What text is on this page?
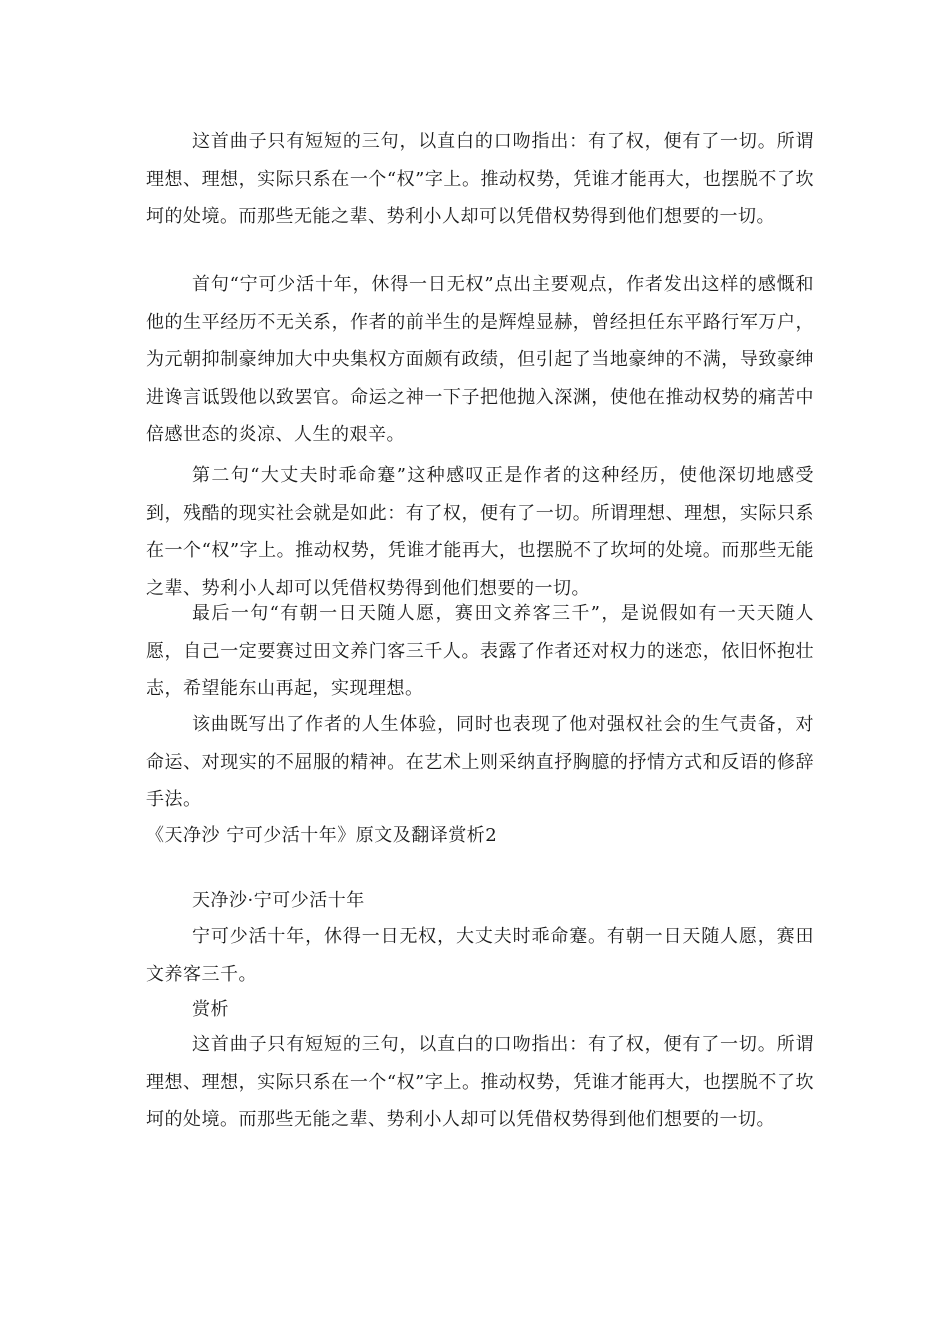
这首曲子只有短短的三句，以直白的口吻指出：有了权，便有了一切。所谓理想、理想，实际只系在一个“权”字上。推动权势，凭谁才能再大，也摆脱不了坎坷的处境。而那些无能之辈、势利小人却可以凭借权势得到他们想要的一切。

首句“宁可少活十年，休得一日无权”点出主要观点，作者发出这样的感慨和他的生平经历不无关系，作者的前半生的是辉煌显赫，曾经担任东平路行军万户，为元朝抑制豪绅加大中央集权方面颇有政绩，但引起了当地豪绅的不满，导致豪绅进谗言诋毁他以致罢官。命运之神一下子把他抛入深渊，使他在推动权势的痛苦中倍感世态的炎凉、人生的艰辛。

第二句“大丈夫时乖命蹇”这种感叹正是作者的这种经历，使他深切地感受到，残酷的现实社会就是如此：有了权，便有了一切。所谓理想、理想，实际只系在一个“权”字上。推动权势，凭谁才能再大，也摆脱不了坎坷的处境。而那些无能之辈、势利小人却可以凭借权势得到他们想要的一切。

最后一句“有朝一日天随人愿，赛田文养客三千”，是说假如有一天天随人愿，自己一定要赛过田文养门客三千人。表露了作者还对权力的迷恋，依旧怀抱壮志，希望能东山再起，实现理想。

该曲既写出了作者的人生体验，同时也表现了他对强权社会的生气责备，对命运、对现实的不屈服的精神。在艺术上则采纳直抒胸臆的抒情方式和反语的修辞手法。

《天净沙 宁可少活十年》原文及翻译赏析2

天净沙·宁可少活十年

宁可少活十年，休得一日无权，大丈夫时乖命蹇。有朝一日天随人愿，赛田文养客三千。

赏析

这首曲子只有短短的三句，以直白的口吻指出：有了权，便有了一切。所谓理想、理想，实际只系在一个“权”字上。推动权势，凭谁才能再大，也摆脱不了坎坷的处境。而那些无能之辈、势利小人却可以凭借权势得到他们想要的一切。
